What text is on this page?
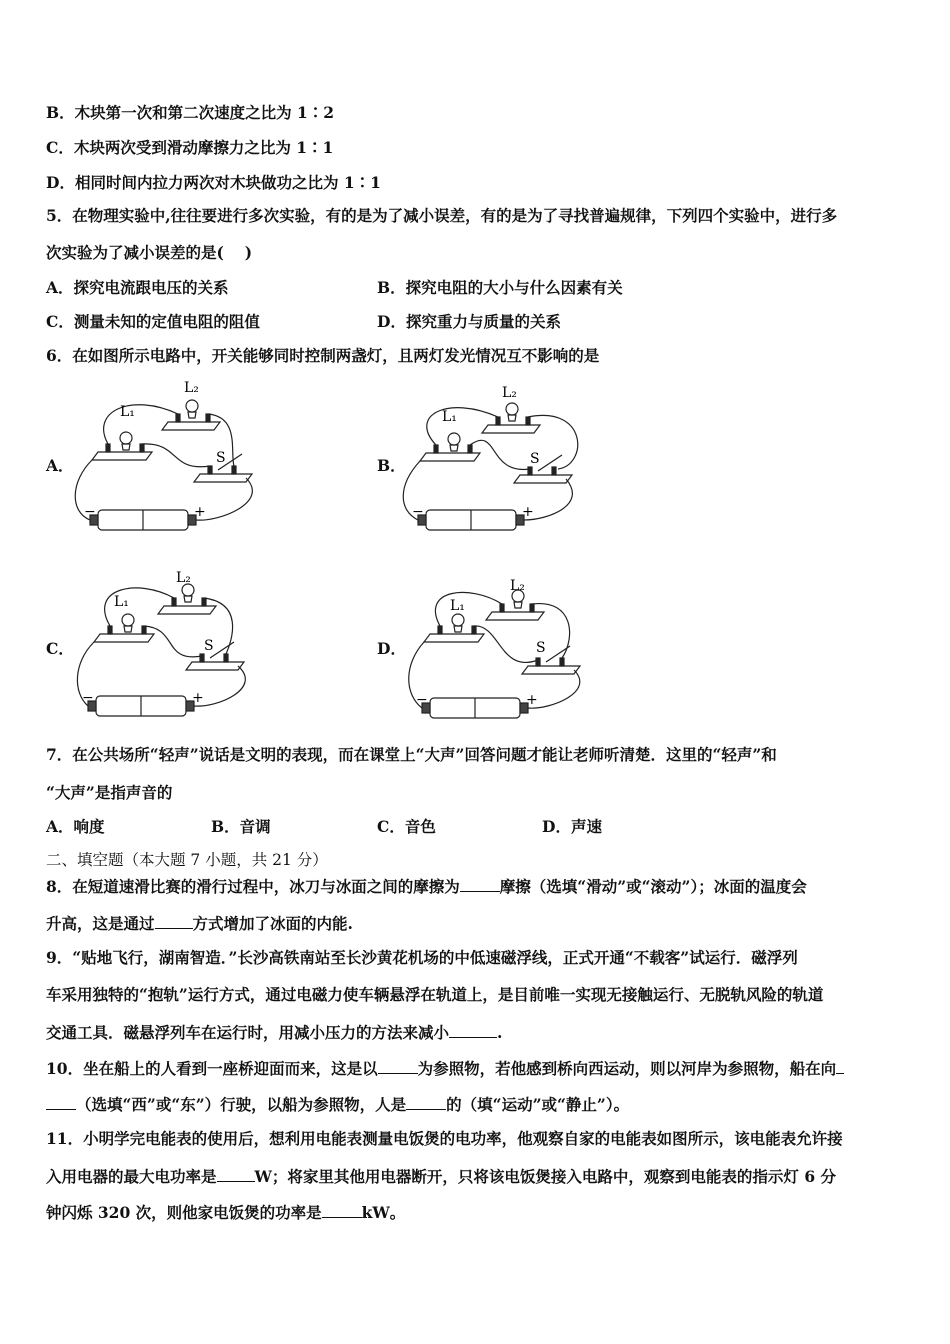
B．木块第一次和第二次速度之比为 1∶2
C．木块两次受到滑动摩擦力之比为 1∶1
D．相同时间内拉力两次对木块做功之比为 1∶1
5．在物理实验中,往往要进行多次实验，有的是为了减小误差，有的是为了寻找普遍规律，下列四个实验中，进行多
次实验为了减小误差的是(　 )
A．探究电流跟电压的关系	B．探究电阻的大小与什么因素有关
C．测量未知的定值电阻的阻值	D．探究重力与质量的关系
6．在如图所示电路中，开关能够同时控制两盏灯，且两灯发光情况互不影响的是
A．	B．
C．	D．
L₁
L₂
S
−	+
L₁
L₂
S
−	+
L₁
L₂
S
−	+
L₁
L₂
S
−	+
7．在公共场所“轻声”说话是文明的表现，而在课堂上“大声”回答问题才能让老师听清楚．这里的“轻声”和
“大声”是指声音的
A．响度	B．音调	C．音色	D．声速
二、填空题（本大题 7 小题，共 21 分）
8．在短道速滑比赛的滑行过程中，冰刀与冰面之间的摩擦为	摩擦（选填“滑动”或“滚动”）；冰面的温度会
升高，这是通过 方式增加了冰面的内能.
9．“贴地飞行，湖南智造．”长沙高铁南站至长沙黄花机场的中低速磁浮线，正式开通“不载客”试运行．磁浮列
车采用独特的“抱轨”运行方式，通过电磁力使车辆悬浮在轨道上，是目前唯一实现无接触运行、无脱轨风险的轨道
交通工具．磁悬浮列车在运行时，用减小压力的方法来减小	.
10．坐在船上的人看到一座桥迎面而来，这是以	为参照物，若他感到桥向西运动，则以河岸为参照物，船在向
（选填“西”或“东”）行驶，以船为参照物，人是	的（填“运动”或“静止”）。
11．小明学完电能表的使用后，想利用电能表测量电饭煲的电功率，他观察自家的电能表如图所示，该电能表允许接
入用电器的最大电功率是 W；将家里其他用电器断开，只将该电饭煲接入电路中，观察到电能表的指示灯 6 分
钟闪烁 320 次，则他家电饭煲的功率是	kW。
